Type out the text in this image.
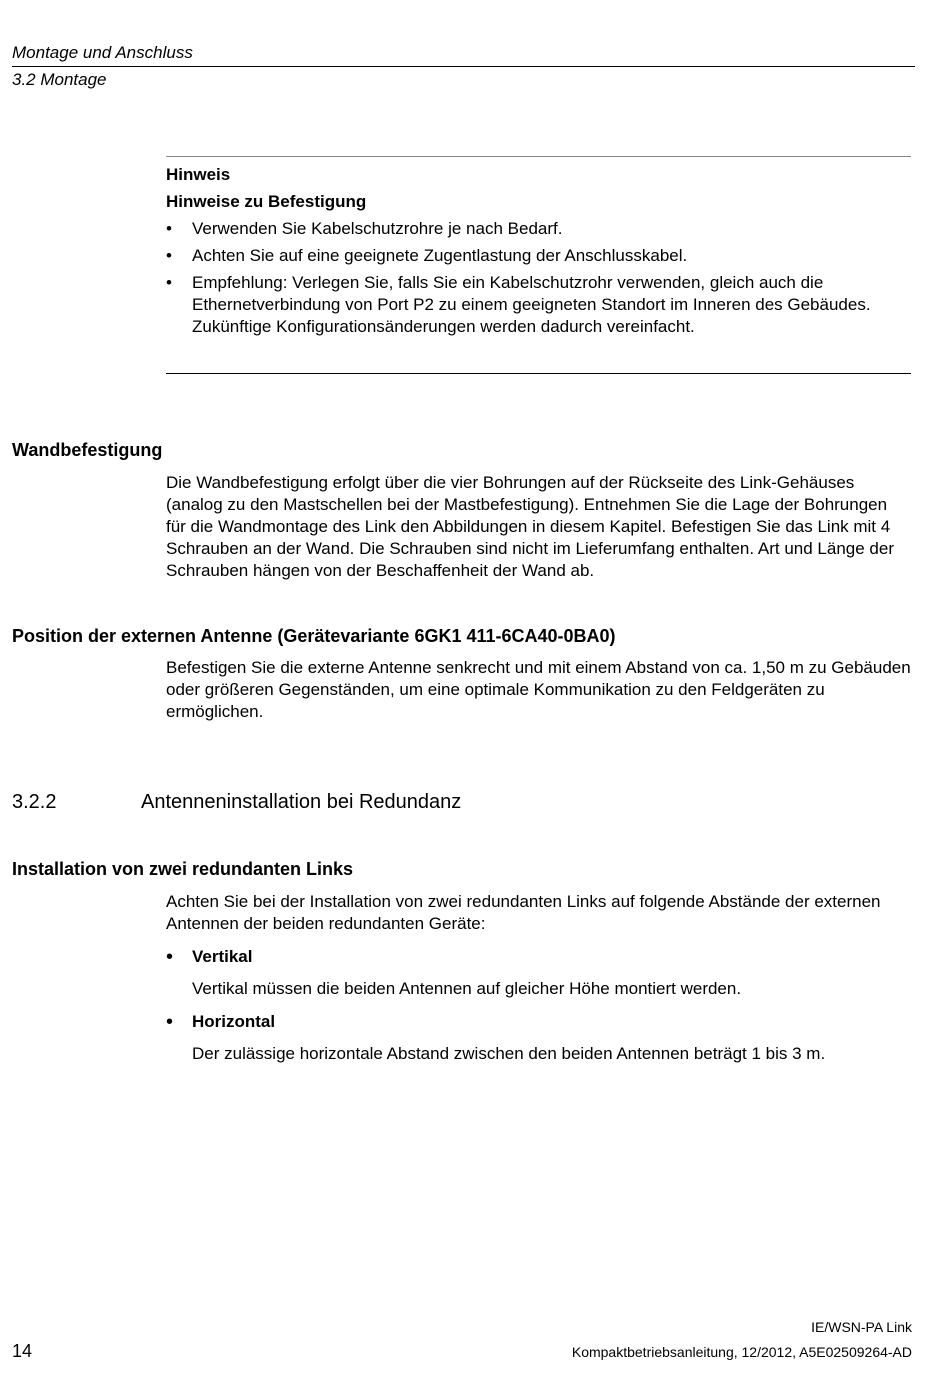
Montage und Anschluss
3.2 Montage
Hinweis
Hinweise zu Befestigung
• Verwenden Sie Kabelschutzrohre je nach Bedarf.
• Achten Sie auf eine geeignete Zugentlastung der Anschlusskabel.
• Empfehlung: Verlegen Sie, falls Sie ein Kabelschutzrohr verwenden, gleich auch die Ethernetverbindung von Port P2 zu einem geeigneten Standort im Inneren des Gebäudes. Zukünftige Konfigurationsänderungen werden dadurch vereinfacht.
Wandbefestigung
Die Wandbefestigung erfolgt über die vier Bohrungen auf der Rückseite des Link-Gehäuses (analog zu den Mastschellen bei der Mastbefestigung). Entnehmen Sie die Lage der Bohrungen für die Wandmontage des Link den Abbildungen in diesem Kapitel. Befestigen Sie das Link mit 4 Schrauben an der Wand. Die Schrauben sind nicht im Lieferumfang enthalten. Art und Länge der Schrauben hängen von der Beschaffenheit der Wand ab.
Position der externen Antenne (Gerätevariante 6GK1 411-6CA40-0BA0)
Befestigen Sie die externe Antenne senkrecht und mit einem Abstand von ca. 1,50 m zu Gebäuden oder größeren Gegenständen, um eine optimale Kommunikation zu den Feldgeräten zu ermöglichen.
3.2.2	Antenneninstallation bei Redundanz
Installation von zwei redundanten Links
Achten Sie bei der Installation von zwei redundanten Links auf folgende Abstände der externen Antennen der beiden redundanten Geräte:
• Vertikal
Vertikal müssen die beiden Antennen auf gleicher Höhe montiert werden.
• Horizontal
Der zulässige horizontale Abstand zwischen den beiden Antennen beträgt 1 bis 3 m.
IE/WSN-PA Link
14	Kompaktbetriebsanleitung, 12/2012, A5E02509264-AD
